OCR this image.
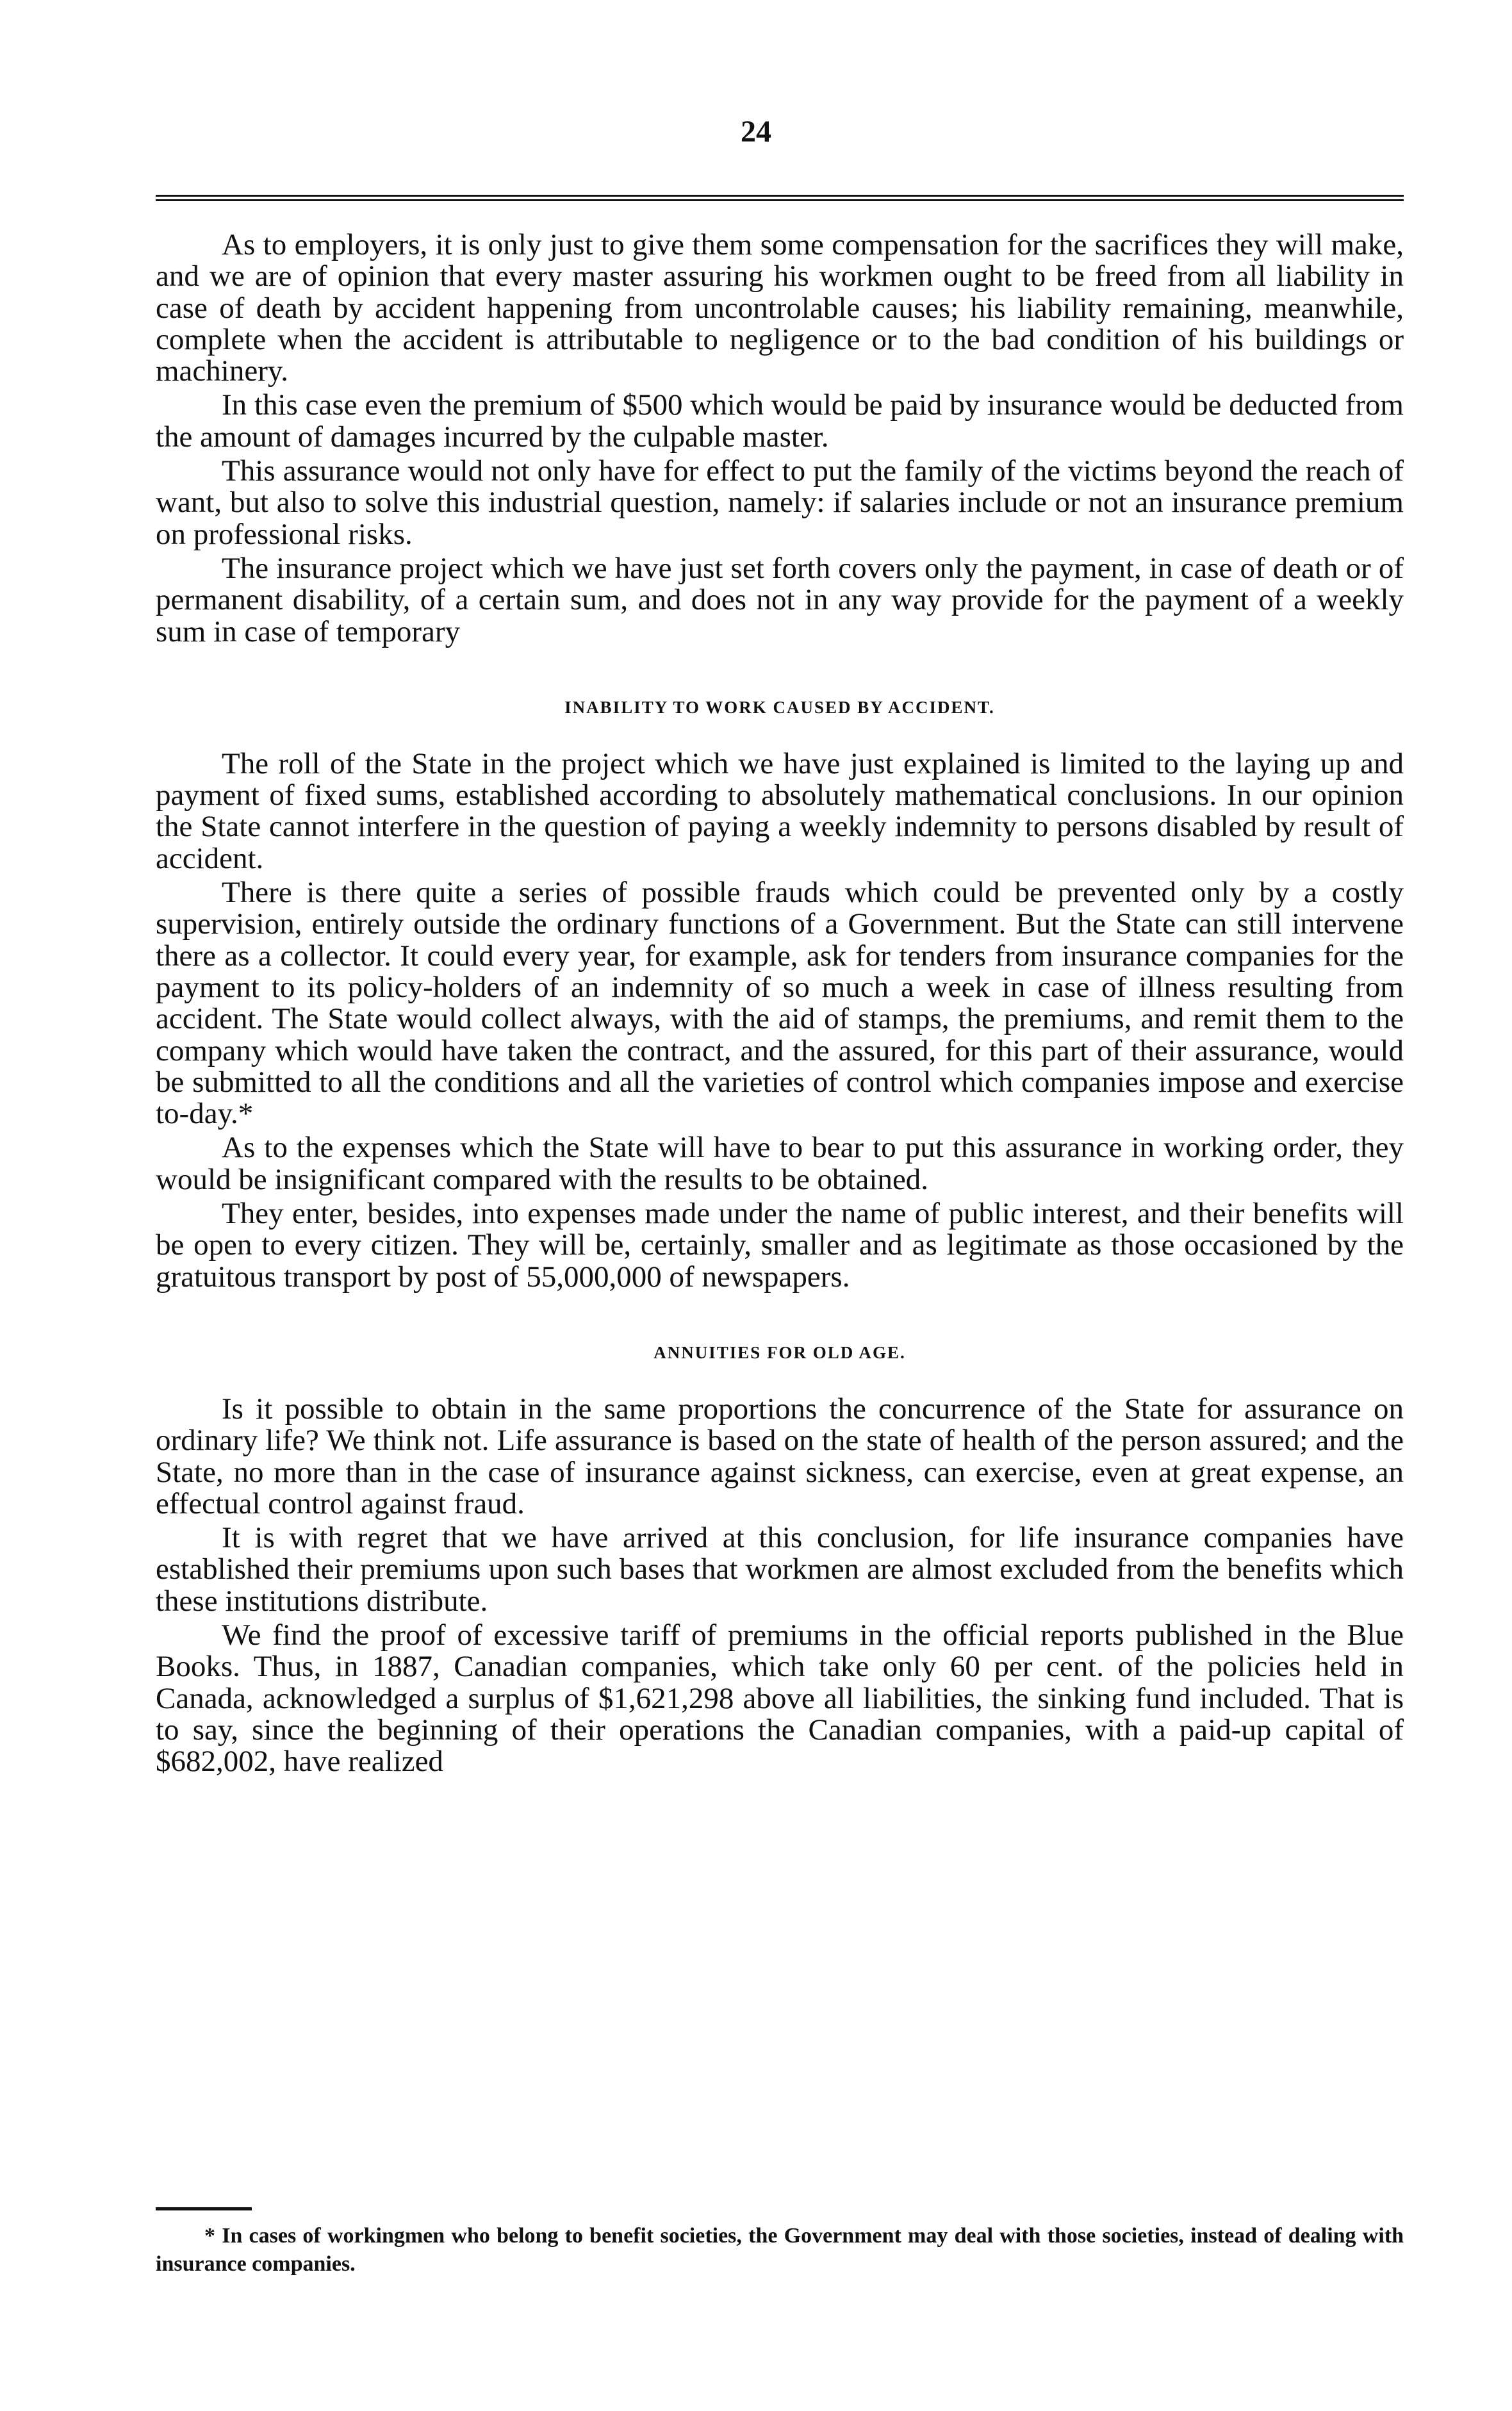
24

As to employers, it is only just to give them some compensation for the sacrifices they will make, and we are of opinion that every master assuring his workmen ought to be freed from all liability in case of death by accident happening from uncontrolable causes; his liability remaining, meanwhile, complete when the accident is attributable to negligence or to the bad condition of his buildings or machinery.

In this case even the premium of $500 which would be paid by insurance would be deducted from the amount of damages incurred by the culpable master.

This assurance would not only have for effect to put the family of the victims beyond the reach of want, but also to solve this industrial question, namely: if salaries include or not an insurance premium on professional risks.

The insurance project which we have just set forth covers only the payment, in case of death or of permanent disability, of a certain sum, and does not in any way provide for the payment of a weekly sum in case of temporary

INABILITY TO WORK CAUSED BY ACCIDENT.

The roll of the State in the project which we have just explained is limited to the laying up and payment of fixed sums, established according to absolutely mathematical conclusions. In our opinion the State cannot interfere in the question of paying a weekly indemnity to persons disabled by result of accident.

There is there quite a series of possible frauds which could be prevented only by a costly supervision, entirely outside the ordinary functions of a Government. But the State can still intervene there as a collector. It could every year, for example, ask for tenders from insurance companies for the payment to its policy-holders of an indemnity of so much a week in case of illness resulting from accident. The State would collect always, with the aid of stamps, the premiums, and remit them to the company which would have taken the contract, and the assured, for this part of their assurance, would be submitted to all the conditions and all the varieties of control which companies impose and exercise to-day.*

As to the expenses which the State will have to bear to put this assurance in working order, they would be insignificant compared with the results to be obtained.

They enter, besides, into expenses made under the name of public interest, and their benefits will be open to every citizen. They will be, certainly, smaller and as legitimate as those occasioned by the gratuitous transport by post of 55,000,000 of newspapers.

ANNUITIES FOR OLD AGE.

Is it possible to obtain in the same proportions the concurrence of the State for assurance on ordinary life? We think not. Life assurance is based on the state of health of the person assured; and the State, no more than in the case of insurance against sickness, can exercise, even at great expense, an effectual control against fraud.

It is with regret that we have arrived at this conclusion, for life insurance companies have established their premiums upon such bases that workmen are almost excluded from the benefits which these institutions distribute.

We find the proof of excessive tariff of premiums in the official reports published in the Blue Books. Thus, in 1887, Canadian companies, which take only 60 per cent. of the policies held in Canada, acknowledged a surplus of $1,621,298 above all liabilities, the sinking fund included. That is to say, since the beginning of their operations the Canadian companies, with a paid-up capital of $682,002, have realized

* In cases of workingmen who belong to benefit societies, the Government may deal with those societies, instead of dealing with insurance companies.
